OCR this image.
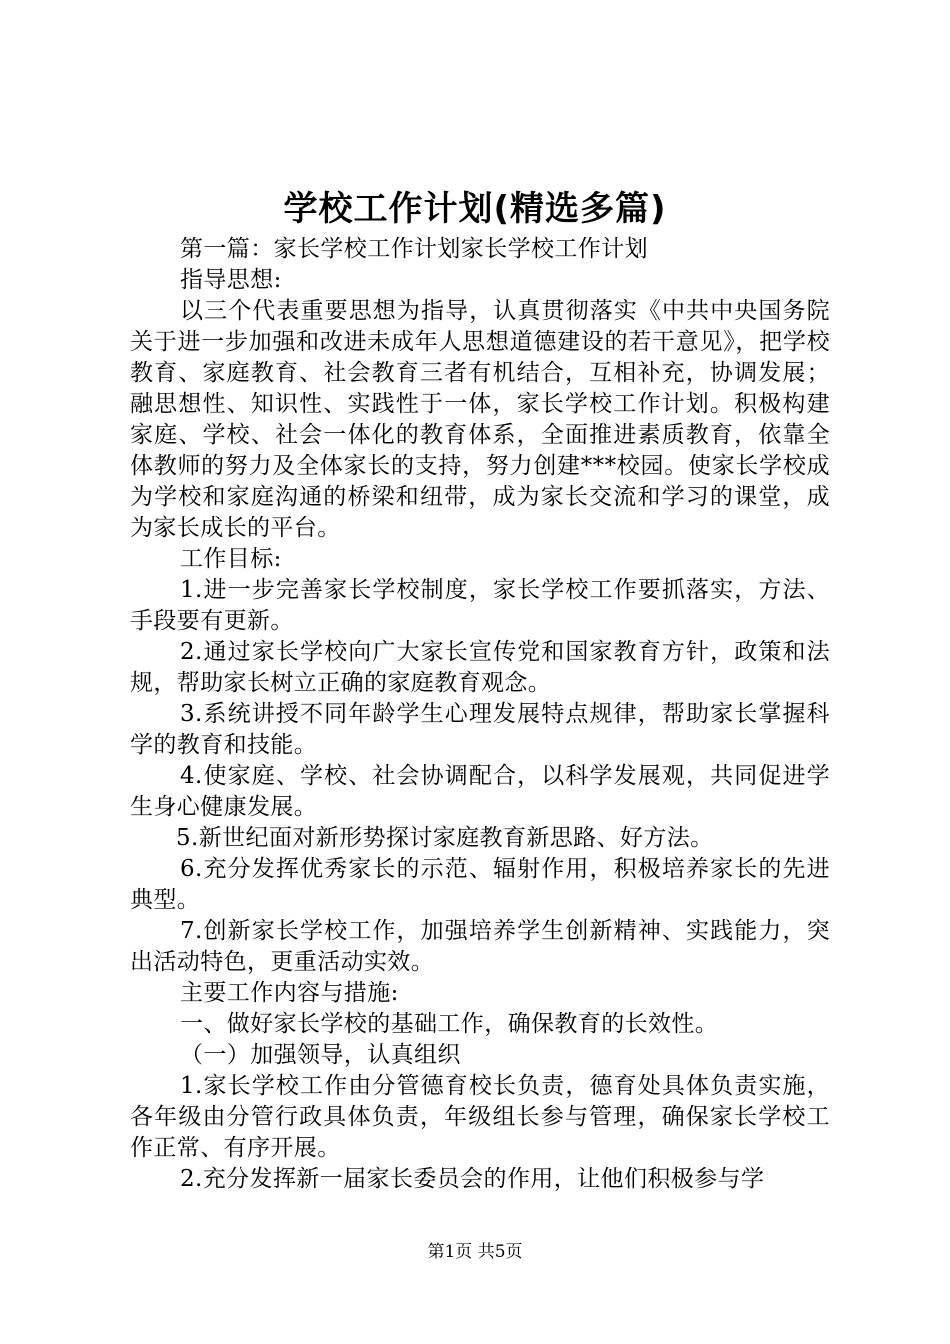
学校工作计划(精选多篇)

第一篇：家长学校工作计划家长学校工作计划

指导思想:

以三个代表重要思想为指导，认真贯彻落实《中共中央国务院关于进一步加强和改进未成年人思想道德建设的若干意见》，把学校教育、家庭教育、社会教育三者有机结合，互相补充，协调发展；融思想性、知识性、实践性于一体，家长学校工作计划。积极构建家庭、学校、社会一体化的教育体系，全面推进素质教育，依靠全体教师的努力及全体家长的支持，努力创建***校园。使家长学校成为学校和家庭沟通的桥梁和纽带，成为家长交流和学习的课堂，成为家长成长的平台。

工作目标:

1.进一步完善家长学校制度，家长学校工作要抓落实，方法、手段要有更新。

2.通过家长学校向广大家长宣传党和国家教育方针，政策和法规，帮助家长树立正确的家庭教育观念。

3.系统讲授不同年龄学生心理发展特点规律，帮助家长掌握科学的教育和技能。

4.使家庭、学校、社会协调配合，以科学发展观，共同促进学生身心健康发展。

5.新世纪面对新形势探讨家庭教育新思路、好方法。

6.充分发挥优秀家长的示范、辐射作用，积极培养家长的先进典型。

7.创新家长学校工作，加强培养学生创新精神、实践能力，突出活动特色，更重活动实效。

主要工作内容与措施:

一、做好家长学校的基础工作，确保教育的长效性。

（一）加强领导，认真组织

1.家长学校工作由分管德育校长负责，德育处具体负责实施，各年级由分管行政具体负责，年级组长参与管理，确保家长学校工作正常、有序开展。

2.充分发挥新一届家长委员会的作用，让他们积极参与学

第1页 共5页
